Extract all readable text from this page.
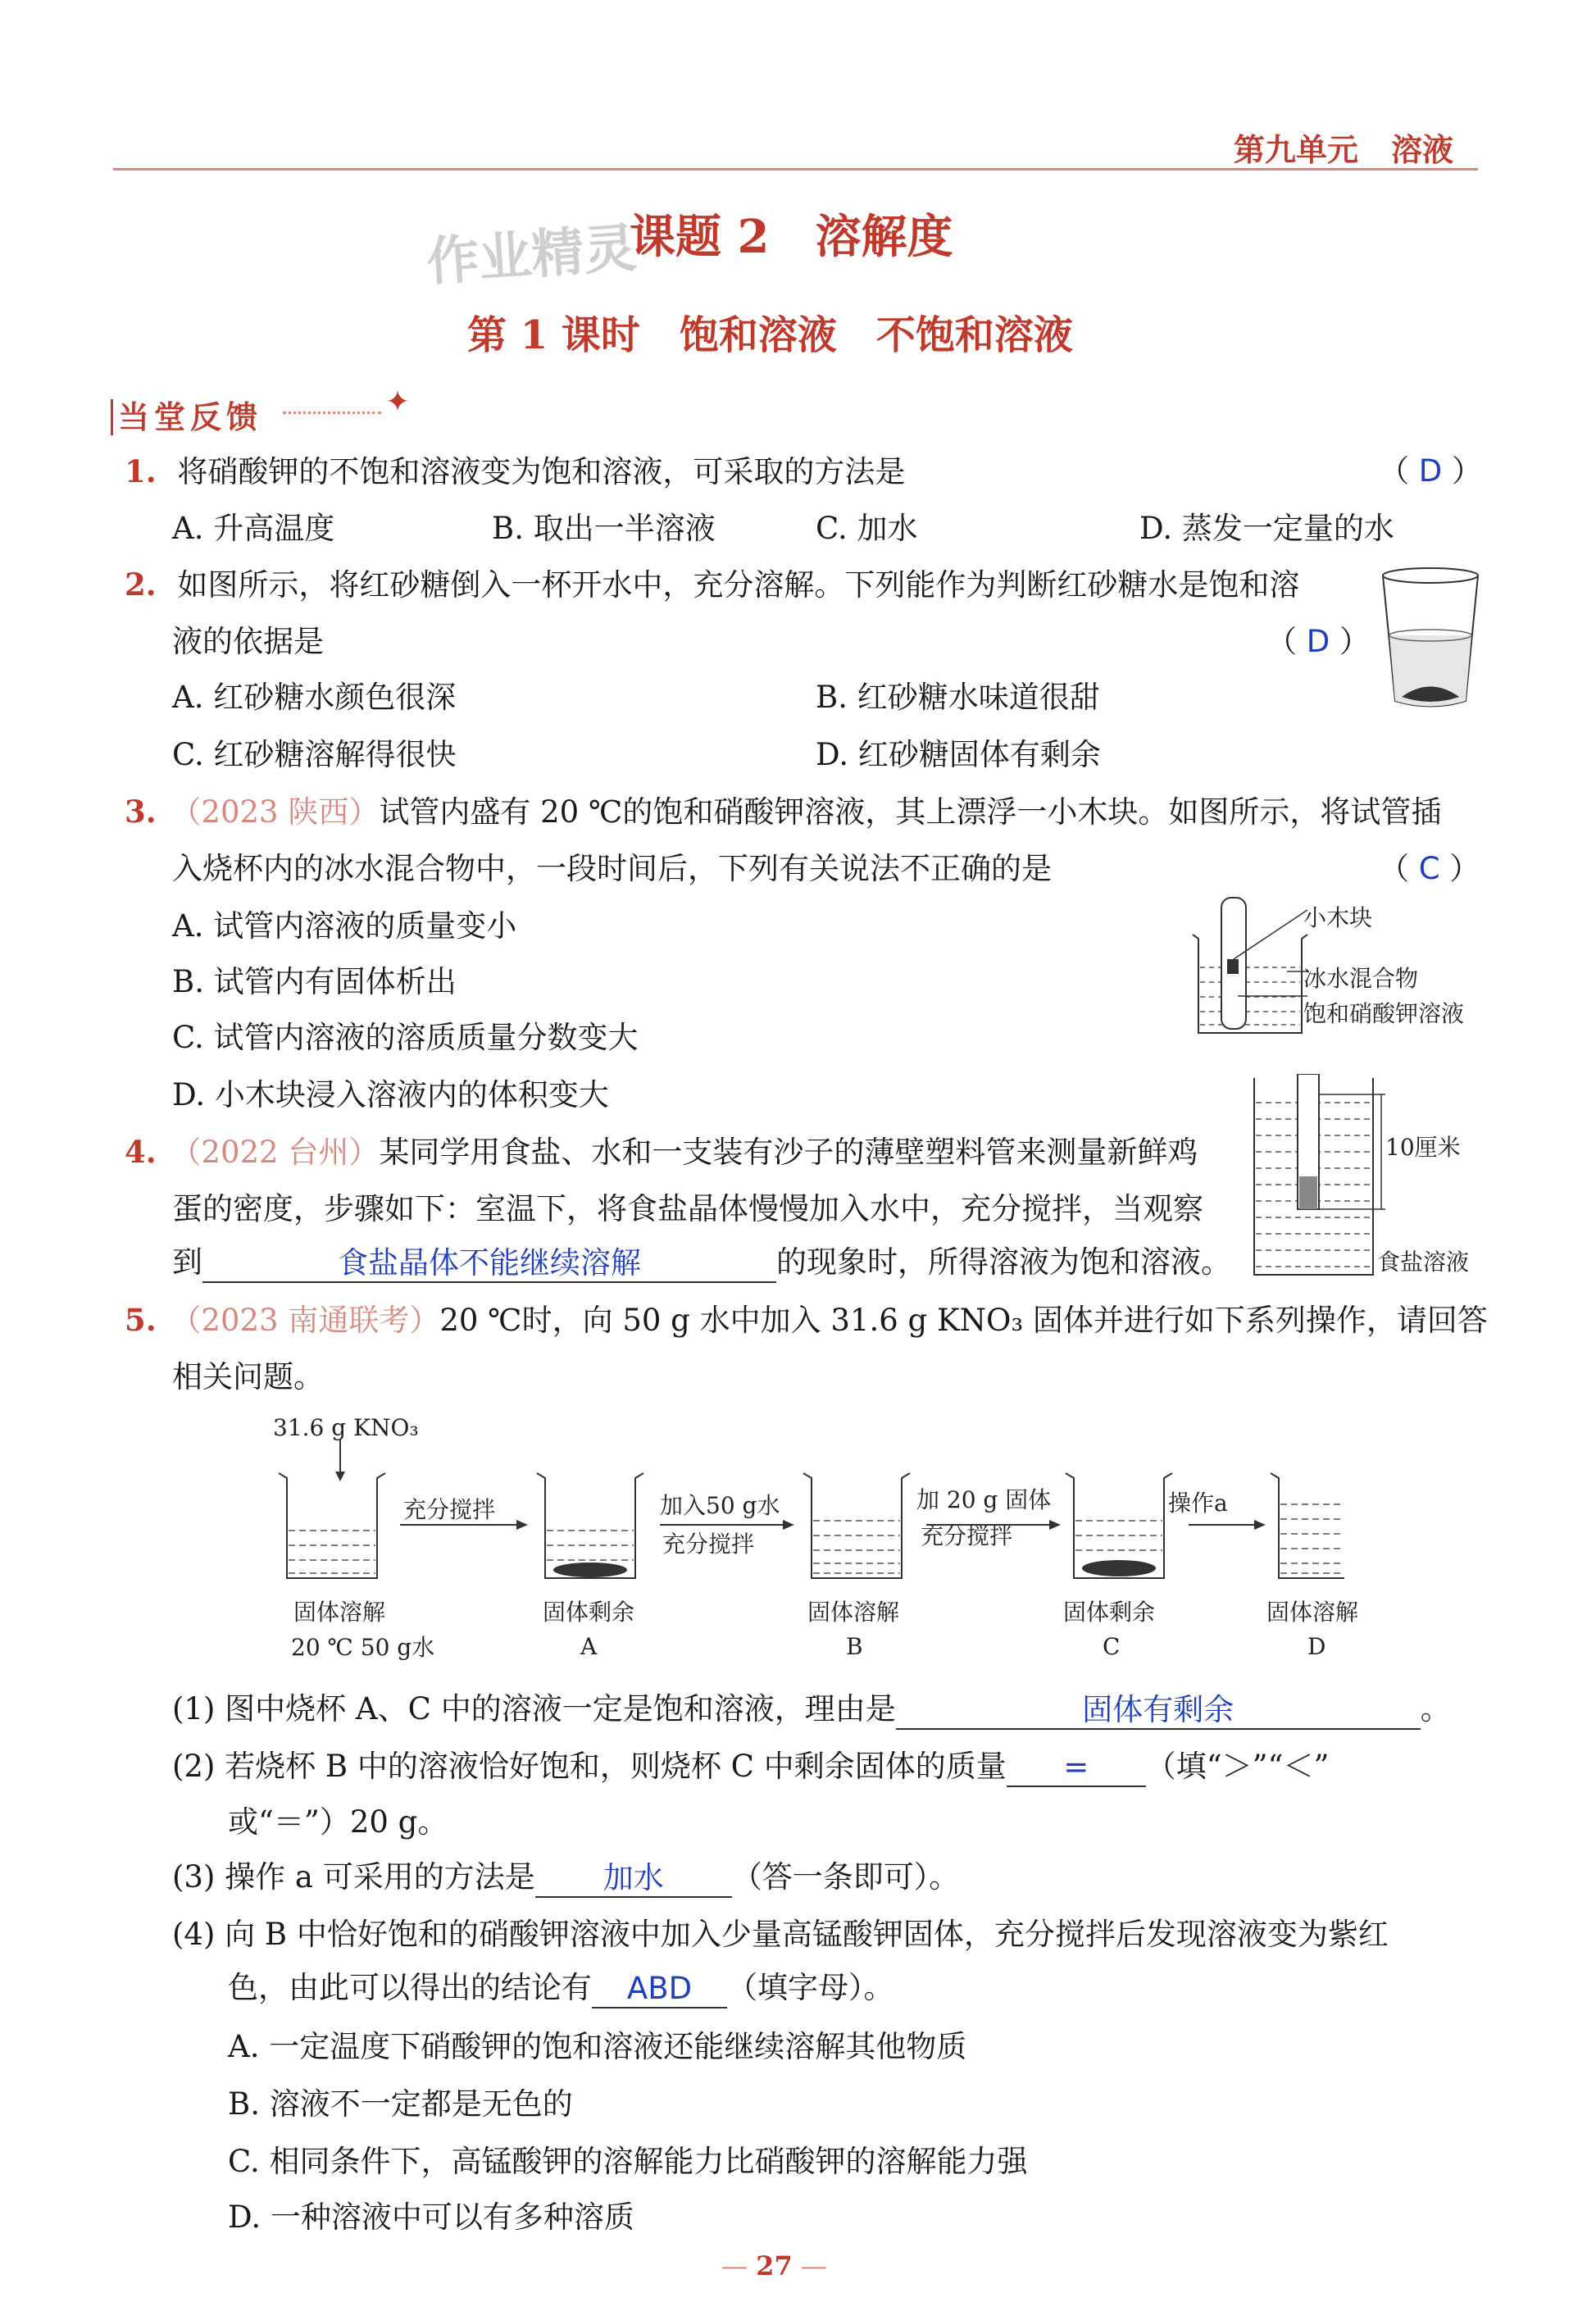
第九单元 溶液
作业精灵
课题 2　溶解度
第 1 课时　饱和溶液　不饱和溶液
当堂反馈	✦
1. 将硝酸钾的不饱和溶液变为饱和溶液，可采取的方法是	（ D ）
A. 升高温度	B. 取出一半溶液	C. 加水	D. 蒸发一定量的水
2. 如图所示，将红砂糖倒入一杯开水中，充分溶解。下列能作为判断红砂糖水是饱和溶
液的依据是	（ D ）
A. 红砂糖水颜色很深	B. 红砂糖水味道很甜
C. 红砂糖溶解得很快	D. 红砂糖固体有剩余
3. （2023 陕西）试管内盛有 20 ℃的饱和硝酸钾溶液，其上漂浮一小木块。如图所示，将试管插
入烧杯内的冰水混合物中，一段时间后，下列有关说法不正确的是	（ C ）
A. 试管内溶液的质量变小
B. 试管内有固体析出
C. 试管内溶液的溶质质量分数变大
D. 小木块浸入溶液内的体积变大
小木块
冰水混合物
饱和硝酸钾溶液
4. （2022 台州）某同学用食盐、水和一支装有沙子的薄壁塑料管来测量新鲜鸡
蛋的密度，步骤如下：室温下，将食盐晶体慢慢加入水中，充分搅拌，当观察
到	食盐晶体不能继续溶解	的现象时，所得溶液为饱和溶液。
10厘米
食盐溶液
5. （2023 南通联考）20 ℃时，向 50 g 水中加入 31.6 g KNO₃ 固体并进行如下系列操作，请回答
相关问题。
31.6 g KNO₃
充分搅拌	加入50 g水
充分搅拌
加 20 g 固体
充分搅拌
操作a
固体溶解
20 ℃ 50 g水
固体剩余
A
固体溶解
B
固体剩余
C
固体溶解
D
(1) 图中烧杯 A、C 中的溶液一定是饱和溶液，理由是	固体有剩余	。
(2) 若烧杯 B 中的溶液恰好饱和，则烧杯 C 中剩余固体的质量 = （填“＞”“＜”
或“＝”）20 g。
(3) 操作 a 可采用的方法是 加水 （答一条即可）。
(4) 向 B 中恰好饱和的硝酸钾溶液中加入少量高锰酸钾固体，充分搅拌后发现溶液变为紫红
色，由此可以得出的结论有 ABD （填字母）。
A. 一定温度下硝酸钾的饱和溶液还能继续溶解其他物质
B. 溶液不一定都是无色的
C. 相同条件下，高锰酸钾的溶解能力比硝酸钾的溶解能力强
D. 一种溶液中可以有多种溶质
— 27 —
